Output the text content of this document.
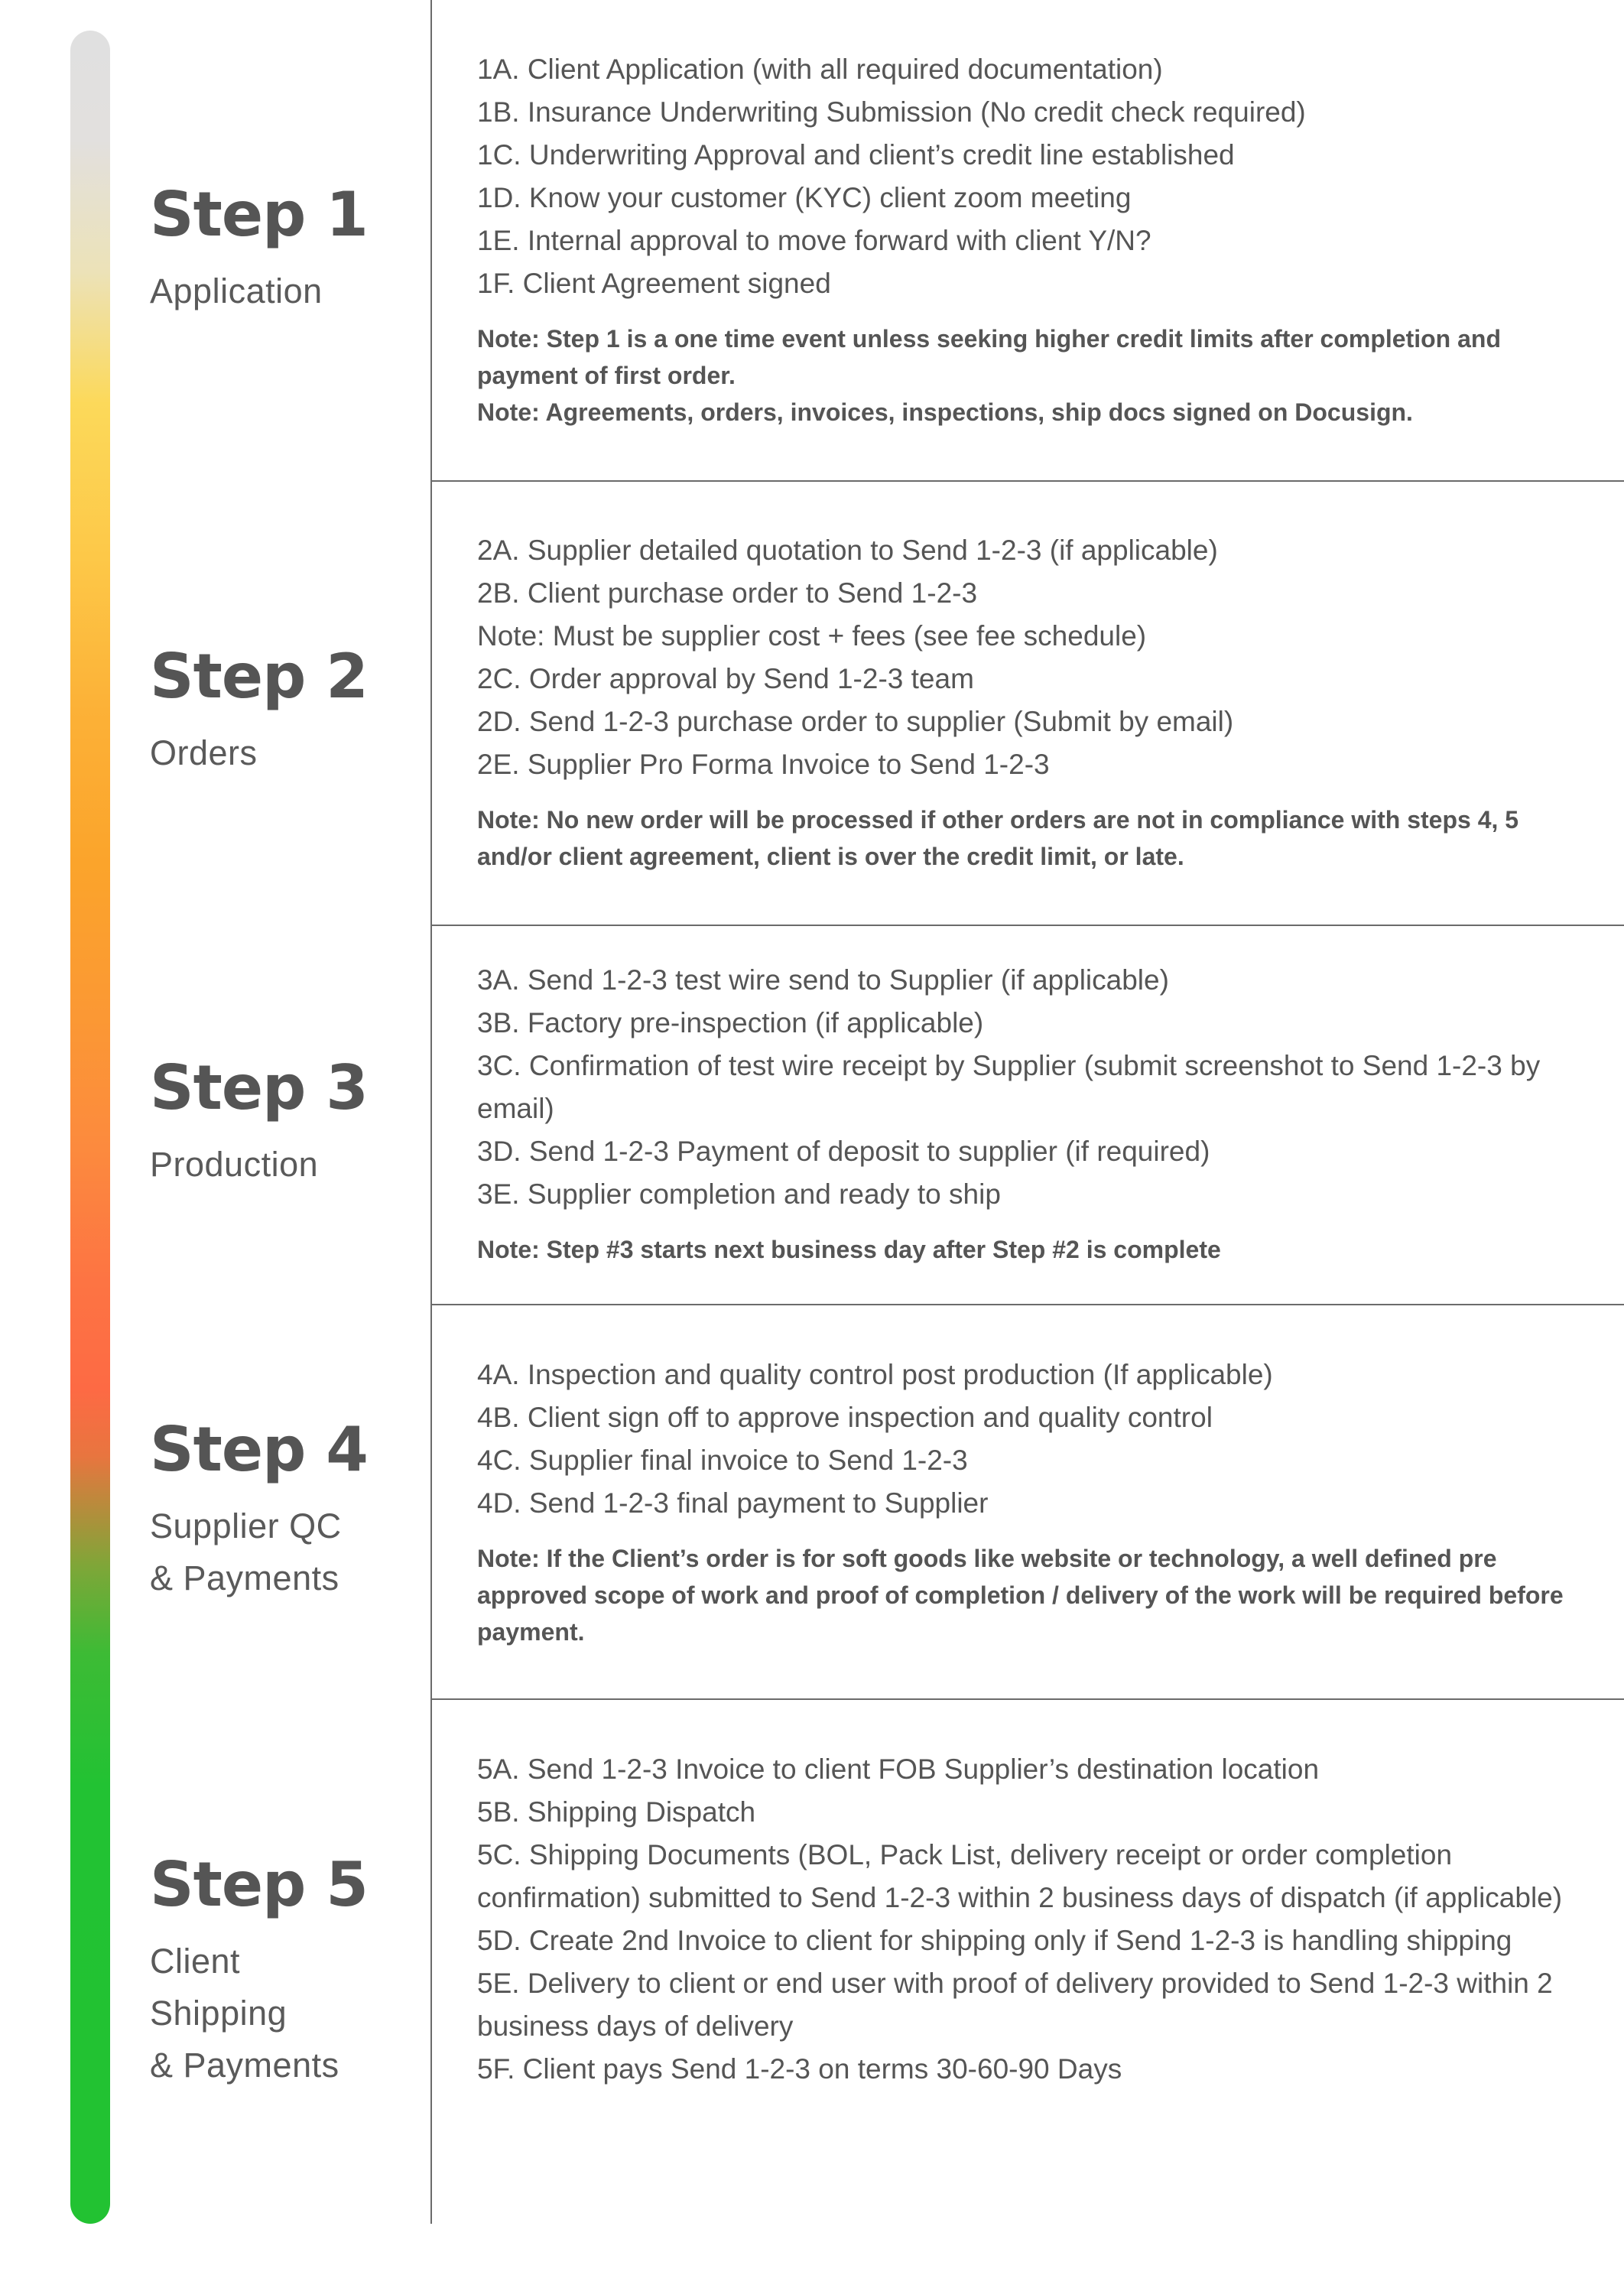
Step 1
Application
1A. Client Application (with all required documentation)
1B. Insurance Underwriting Submission (No credit check required)
1C. Underwriting Approval and client’s credit line established
1D. Know your customer (KYC) client zoom meeting
1E. Internal approval to move forward with client Y/N?
1F. Client Agreement signed
Note: Step 1 is a one time event unless seeking higher credit limits after completion and payment of first order.
Note: Agreements, orders, invoices, inspections, ship docs signed on Docusign.
Step 2
Orders
2A. Supplier detailed quotation to Send 1-2-3 (if applicable)
2B. Client purchase order to Send 1-2-3
Note: Must be supplier cost + fees (see fee schedule)
2C. Order approval by Send 1-2-3 team
2D. Send 1-2-3 purchase order to supplier (Submit by email)
2E. Supplier Pro Forma Invoice to Send 1-2-3
Note: No new order will be processed if other orders are not in compliance with steps 4, 5 and/or client agreement, client is over the credit limit, or late.
Step 3
Production
3A. Send 1-2-3 test wire send to Supplier (if applicable)
3B. Factory pre-inspection (if applicable)
3C. Confirmation of test wire receipt by Supplier (submit screenshot to Send 1-2-3 by email)
3D. Send 1-2-3 Payment of deposit to supplier (if required)
3E. Supplier completion and ready to ship
Note: Step #3 starts next business day after Step #2 is complete
Step 4
Supplier QC
& Payments
4A. Inspection and quality control post production (If applicable)
4B. Client sign off to approve inspection and quality control
4C. Supplier final invoice to Send 1-2-3
4D. Send 1-2-3 final payment to Supplier
Note: If the Client’s order is for soft goods like website or technology, a well defined pre approved scope of work and proof of completion / delivery of the work will be required before payment.
Step 5
Client
Shipping
& Payments
5A. Send 1-2-3 Invoice to client FOB Supplier’s destination location
5B. Shipping Dispatch
5C. Shipping Documents (BOL, Pack List, delivery receipt or order completion confirmation) submitted to Send 1-2-3 within 2 business days of dispatch (if applicable)
5D. Create 2nd Invoice to client for shipping only if Send 1-2-3 is handling shipping
5E. Delivery to client or end user with proof of delivery provided to Send 1-2-3 within 2 business days of delivery
5F. Client pays Send 1-2-3 on terms 30-60-90 Days
